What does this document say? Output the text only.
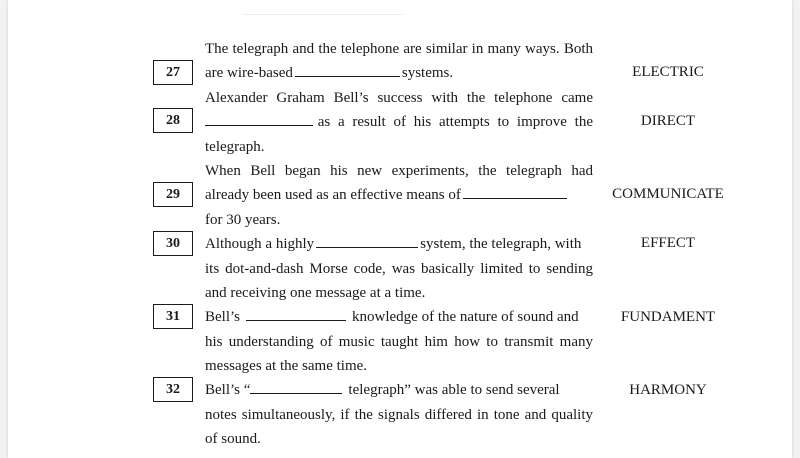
The telegraph and the telephone are similar in many ways. Both
27	are wire-based	systems.	ELECTRIC
Alexander Graham Bell’s success with the telephone came
28	as a result of his attempts to improve the	DIRECT
telegraph.
When Bell began his new experiments, the telegraph had
29	already been used as an effective means of	COMMUNICATE
for 30 years.
30	Although a highly	system, the telegraph, with	EFFECT
its dot-and-dash Morse code, was basically limited to sending
and receiving one message at a time.
31	Bell’s	knowledge of the nature of sound and	FUNDAMENT
his understanding of music taught him how to transmit many
messages at the same time.
32	Bell’s “	telegraph” was able to send several	HARMONY
notes simultaneously, if the signals differed in tone and quality
of sound.
